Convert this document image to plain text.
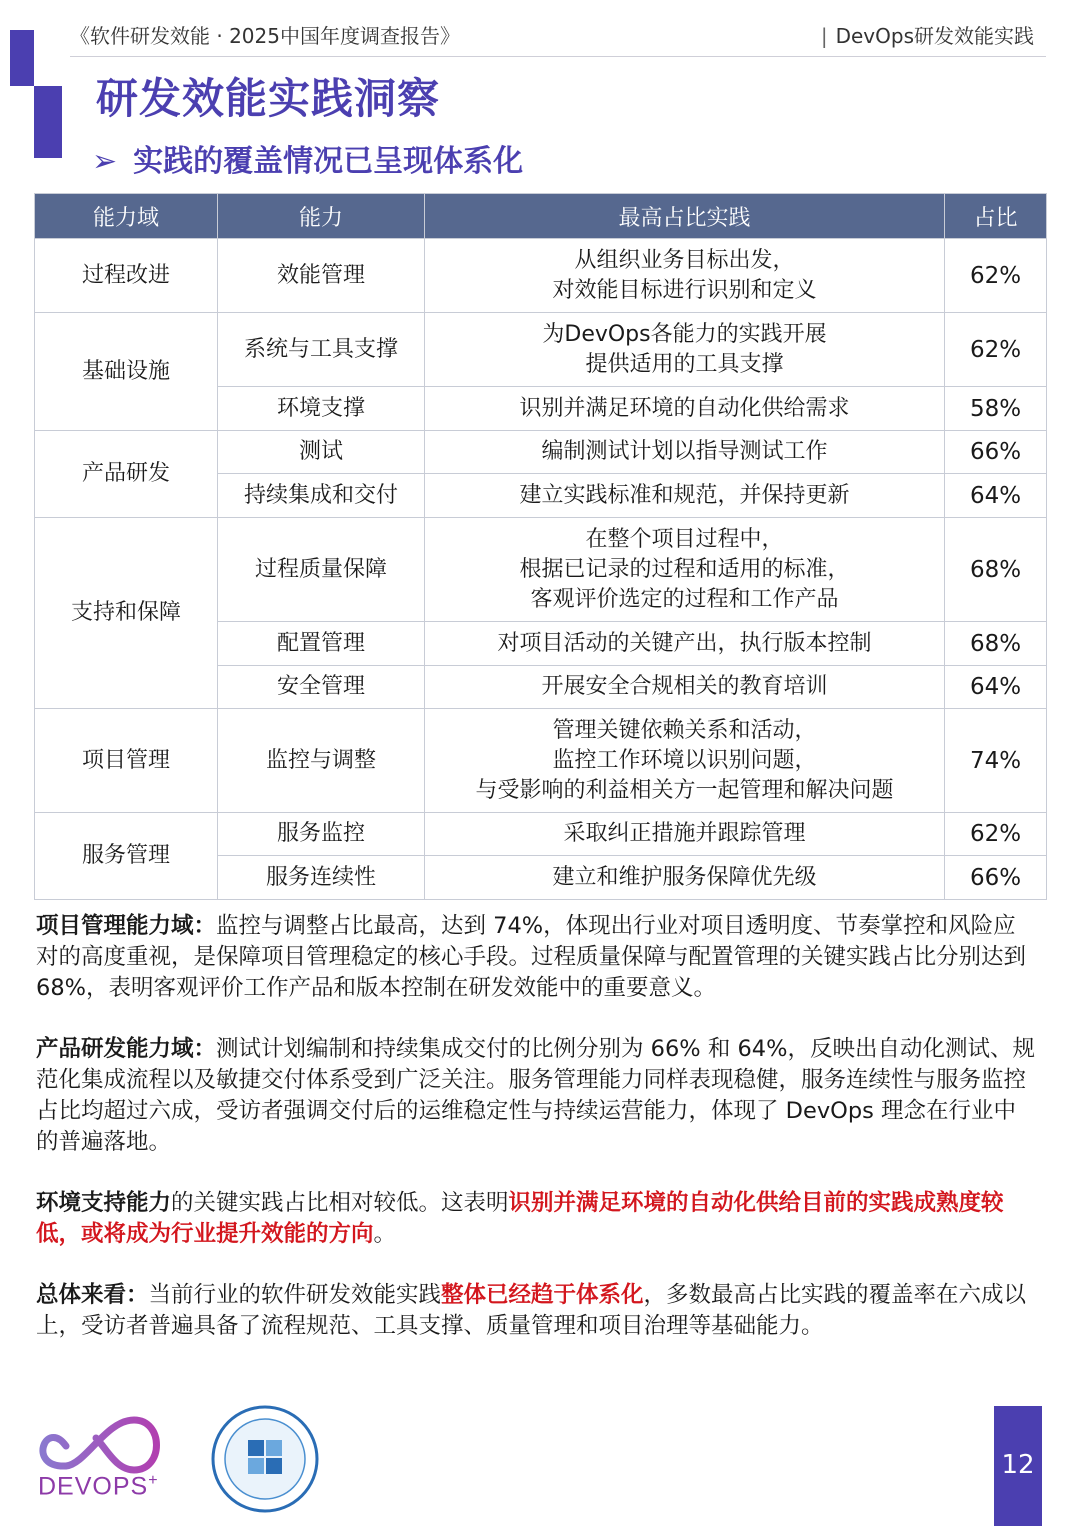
《软件研发效能 · 2025中国年度调查报告》	| DevOps研发效能实践
研发效能实践洞察
➢ 实践的覆盖情况已呈现体系化
能力域	能力	最高占比实践	占比
过程改进	效能管理	从组织业务目标出发，
对效能目标进行识别和定义	62%
基础设施	系统与工具支撑	为DevOps各能力的实践开展
提供适用的工具支撑	62%
	环境支撑	识别并满足环境的自动化供给需求	58%
产品研发	测试	编制测试计划以指导测试工作	66%
	持续集成和交付	建立实践标准和规范，并保持更新	64%
支持和保障	过程质量保障	在整个项目过程中，
根据已记录的过程和适用的标准，
客观评价选定的过程和工作产品	68%
	配置管理	对项目活动的关键产出，执行版本控制	68%
	安全管理	开展安全合规相关的教育培训	64%
项目管理	监控与调整	管理关键依赖关系和活动，
监控工作环境以识别问题，
与受影响的利益相关方一起管理和解决问题	74%
服务管理	服务监控	采取纠正措施并跟踪管理	62%
	服务连续性	建立和维护服务保障优先级	66%

项目管理能力域：监控与调整占比最高，达到 74%，体现出行业对项目透明度、节奏掌控和风险应对的高度重视，是保障项目管理稳定的核心手段。过程质量保障与配置管理的关键实践占比分别达到 68%，表明客观评价工作产品和版本控制在研发效能中的重要意义。

产品研发能力域：测试计划编制和持续集成交付的比例分别为 66% 和 64%，反映出自动化测试、规范化集成流程以及敏捷交付体系受到广泛关注。服务管理能力同样表现稳健，服务连续性与服务监控占比均超过六成，受访者强调交付后的运维稳定性与持续运营能力，体现了 DevOps 理念在行业中的普遍落地。

环境支持能力的关键实践占比相对较低。这表明识别并满足环境的自动化供给目前的实践成熟度较低，或将成为行业提升效能的方向。

总体来看：当前行业的软件研发效能实践整体已经趋于体系化，多数最高占比实践的覆盖率在六成以上，受访者普遍具备了流程规范、工具支撑、质量管理和项目治理等基础能力。

DEVOPS+
12
